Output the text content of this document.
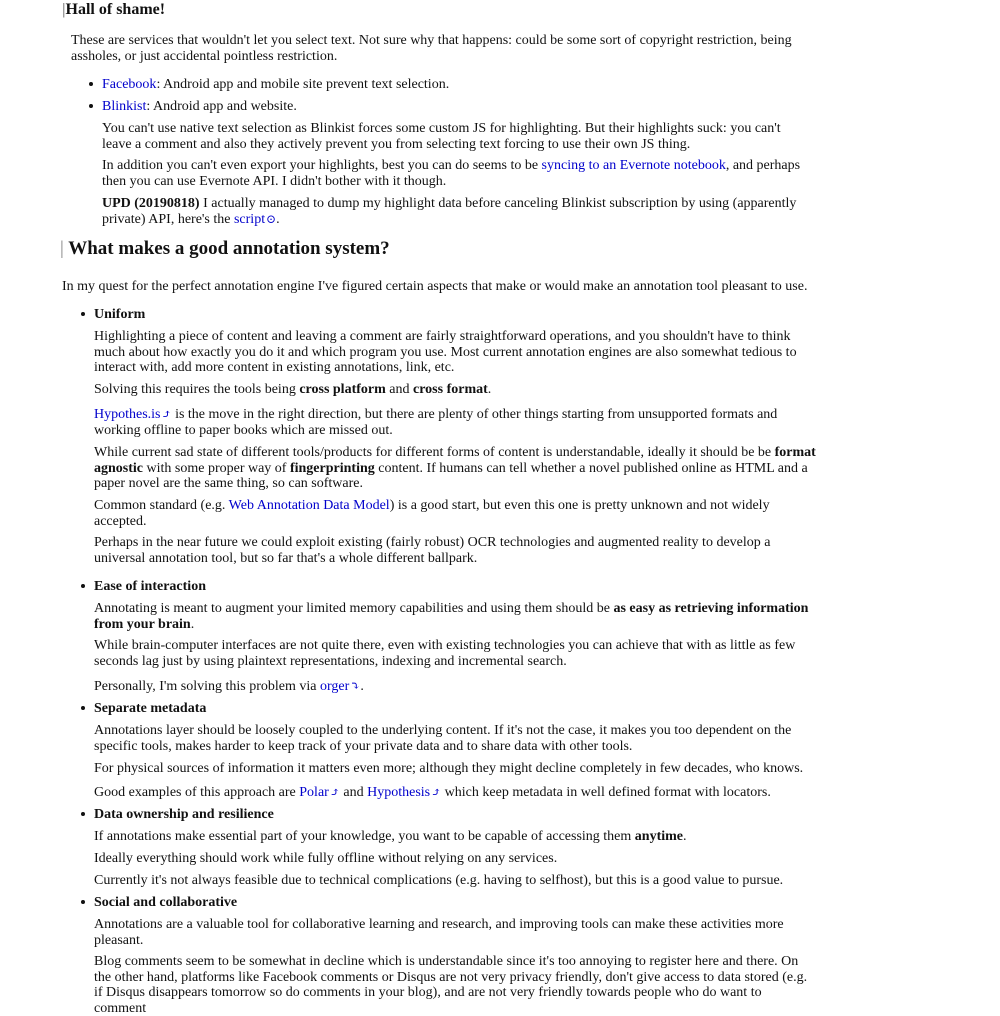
|Hall of shame!

These are services that wouldn't let you select text. Not sure why that happens: could be some sort of copyright restriction, being assholes, or just accidental pointless restriction.

Facebook: Android app and mobile site prevent text selection.

Blinkist: Android app and website.

You can't use native text selection as Blinkist forces some custom JS for highlighting. But their highlights suck: you can't leave a comment and also they actively prevent you from selecting text forcing to use their own JS thing.

In addition you can't even export your highlights, best you can do seems to be syncing to an Evernote notebook, and perhaps then you can use Evernote API. I didn't bother with it though.

UPD (20190818) I actually managed to dump my highlight data before canceling Blinkist subscription by using (apparently private) API, here's the script⊙.

| What makes a good annotation system?

In my quest for the perfect annotation engine I've figured certain aspects that make or would make an annotation tool pleasant to use.

Uniform

Highlighting a piece of content and leaving a comment are fairly straightforward operations, and you shouldn't have to think much about how exactly you do it and which program you use. Most current annotation engines are also somewhat tedious to interact with, add more content in existing annotations, link, etc.

Solving this requires the tools being cross platform and cross format.

Hypothes.is⤴ is the move in the right direction, but there are plenty of other things starting from unsupported formats and working offline to paper books which are missed out.

While current sad state of different tools/products for different forms of content is understandable, ideally it should be be format agnostic with some proper way of fingerprinting content. If humans can tell whether a novel published online as HTML and a paper novel are the same thing, so can software.

Common standard (e.g. Web Annotation Data Model) is a good start, but even this one is pretty unknown and not widely accepted.

Perhaps in the near future we could exploit existing (fairly robust) OCR technologies and augmented reality to develop a universal annotation tool, but so far that's a whole different ballpark.

Ease of interaction

Annotating is meant to augment your limited memory capabilities and using them should be as easy as retrieving information from your brain.

While brain-computer interfaces are not quite there, even with existing technologies you can achieve that with as little as few seconds lag just by using plaintext representations, indexing and incremental search.

Personally, I'm solving this problem via orger⤵.

Separate metadata

Annotations layer should be loosely coupled to the underlying content. If it's not the case, it makes you too dependent on the specific tools, makes harder to keep track of your private data and to share data with other tools.

For physical sources of information it matters even more; although they might decline completely in few decades, who knows.

Good examples of this approach are Polar⤴ and Hypothesis⤴ which keep metadata in well defined format with locators.

Data ownership and resilience

If annotations make essential part of your knowledge, you want to be capable of accessing them anytime.

Ideally everything should work while fully offline without relying on any services.

Currently it's not always feasible due to technical complications (e.g. having to selfhost), but this is a good value to pursue.

Social and collaborative

Annotations are a valuable tool for collaborative learning and research, and improving tools can make these activities more pleasant.

Blog comments seem to be somewhat in decline which is understandable since it's too annoying to register here and there. On the other hand, platforms like Facebook comments or Disqus are not very privacy friendly, don't give access to data stored (e.g. if Disqus disappears tomorrow so do comments in your blog), and are not very friendly towards people who do want to comment
